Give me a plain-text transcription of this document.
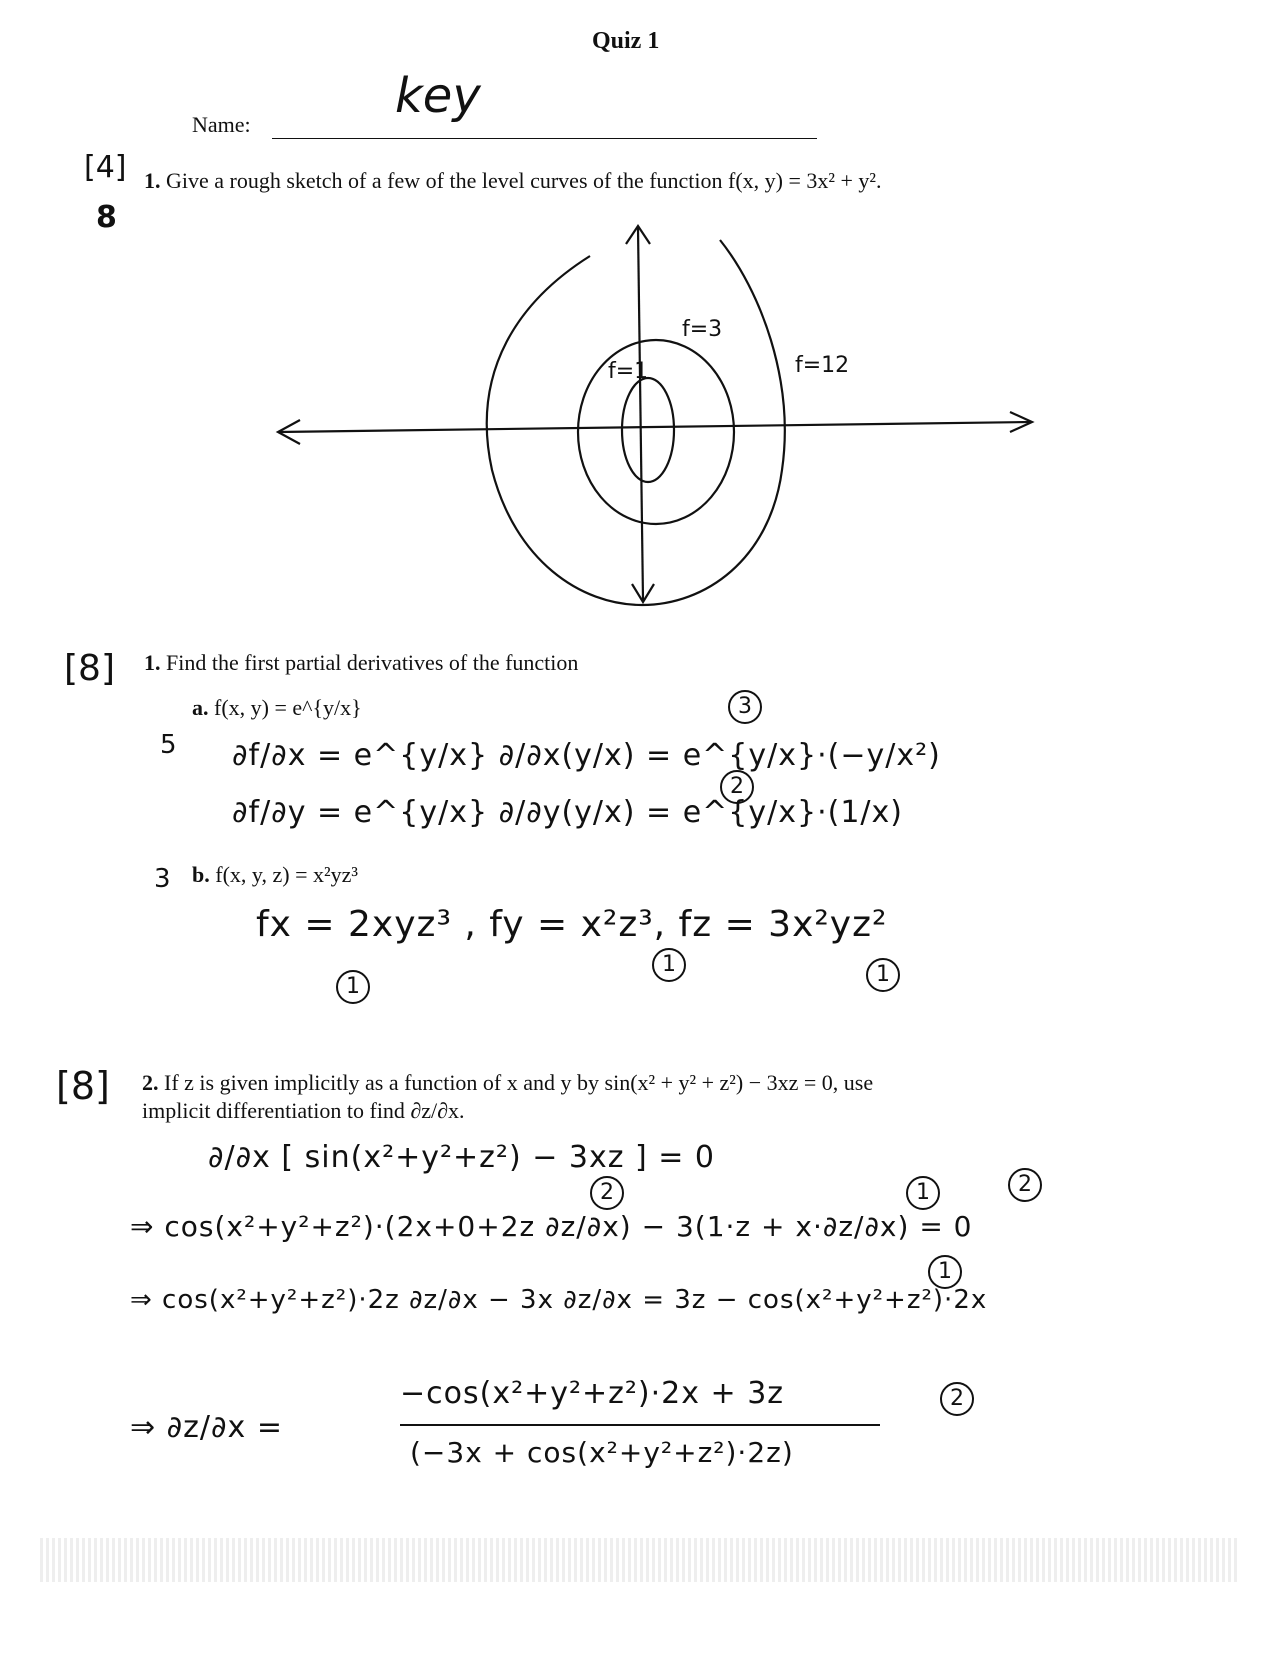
Quiz 1
Name:
key
[4]
8
1. Give a rough sketch of a few of the level curves of the function f(x, y) = 3x² + y².
f=1
f=3
f=12
[8] 1. Find the first partial derivatives of the function
a. f(x, y) = e^{y/x}
5 ∂f/∂x = e^{y/x} ∂/∂x(y/x) = e^{y/x}·(−y/x²)
∂f/∂y = e^{y/x} ∂/∂y(y/x) = e^{y/x}·(1/x)
3
2
3 b. f(x, y, z) = x²yz³
fx = 2xyz³ , fy = x²z³, fz = 3x²yz²
1
1	1
[8] 2. If z is given implicitly as a function of x and y by sin(x² + y² + z²) − 3xz = 0, use
implicit differentiation to find ∂z/∂x.
∂/∂x [ sin(x²+y²+z²) − 3xz ] = 0
⇒ cos(x²+y²+z²)·(2x+0+2z ∂z/∂x) − 3(1·z + x·∂z/∂x) = 0
⇒ cos(x²+y²+z²)·2z ∂z/∂x − 3x ∂z/∂x = 3z − cos(x²+y²+z²)·2x
⇒ ∂z/∂x =
−cos(x²+y²+z²)·2x + 3z
(−3x + cos(x²+y²+z²)·2z)
2	1	2
1
2
